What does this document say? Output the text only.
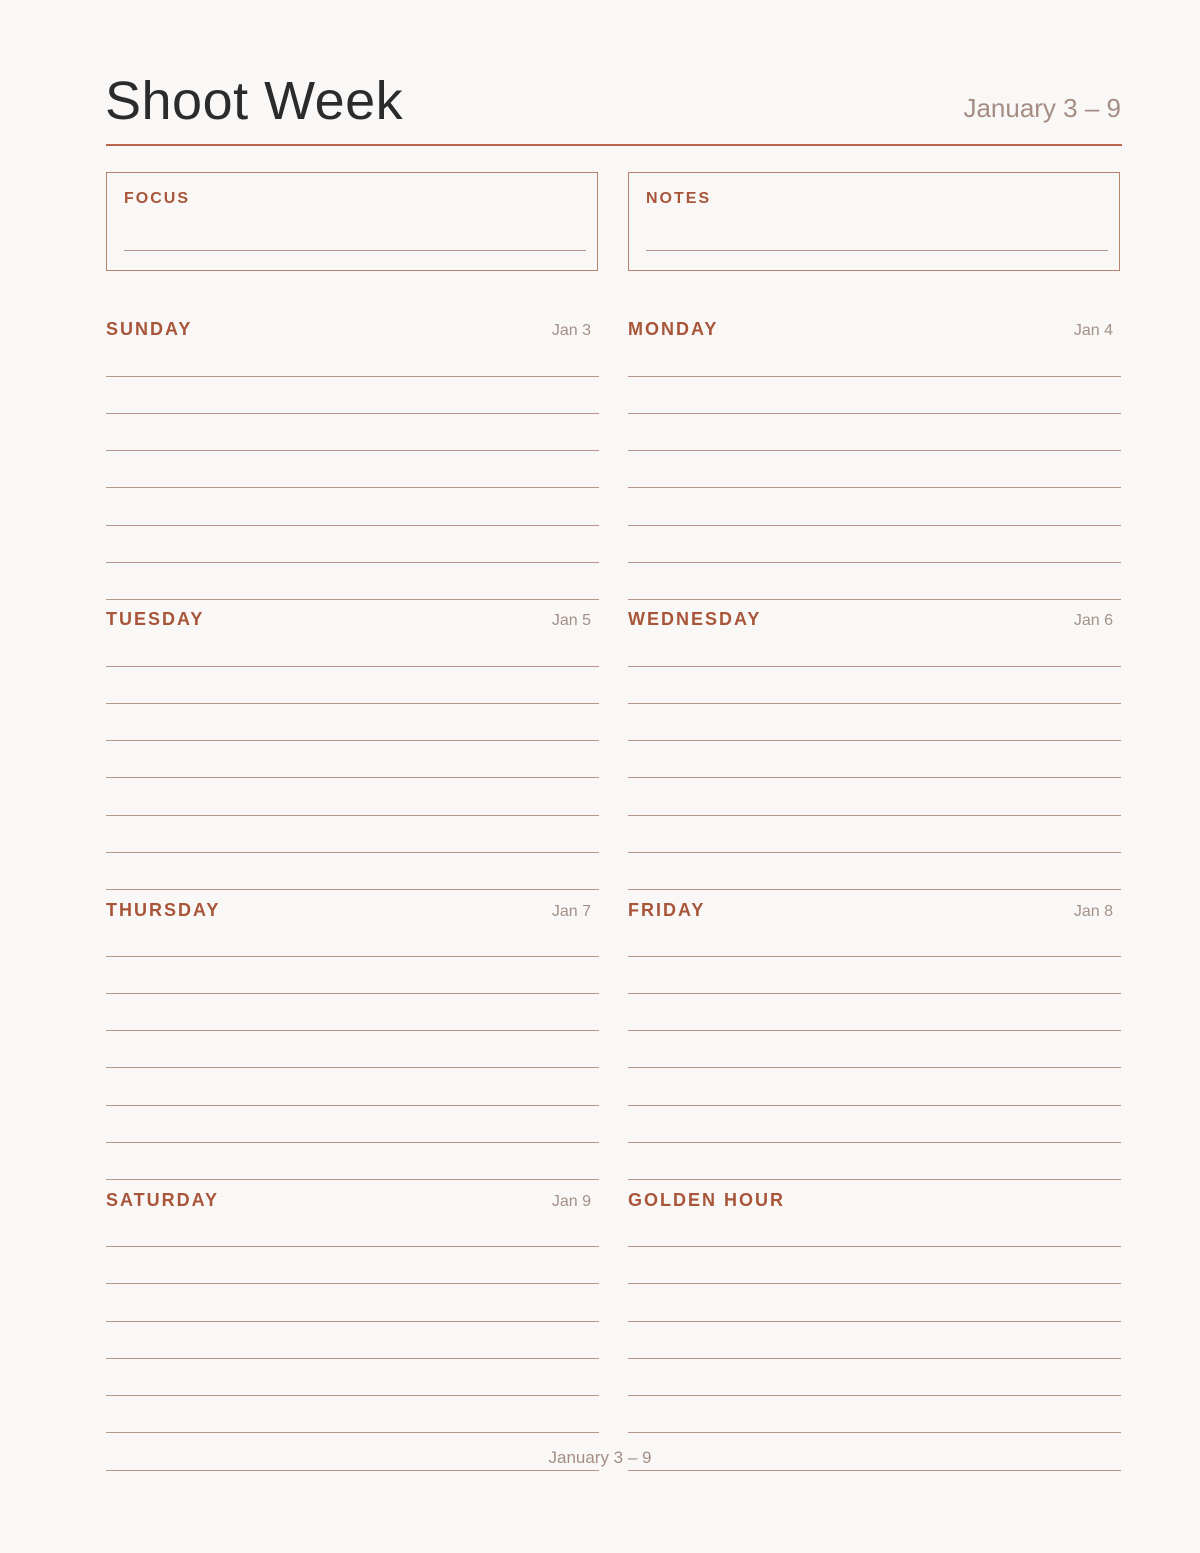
Shoot Week	January 3 – 9
FOCUS	NOTES
SUNDAY	Jan 3 MONDAY	Jan 4
TUESDAY	Jan 5 WEDNESDAY	Jan 6
THURSDAY	Jan 7 FRIDAY	Jan 8
SATURDAY	Jan 9 GOLDEN HOUR
January 3 – 9
